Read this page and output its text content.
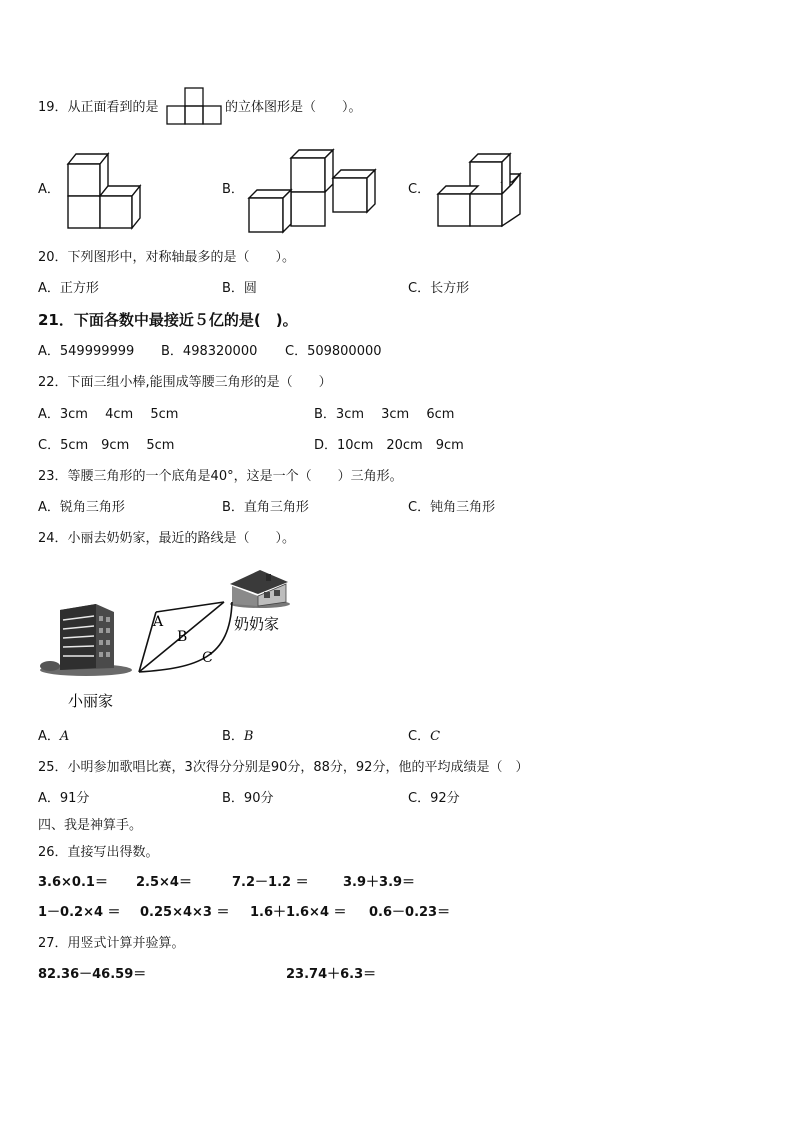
19．从正面看到的是	的立体图形是（　　）。
A．	B．	C．
20．下列图形中，对称轴最多的是（　　）。
A．正方形	B．圆	C．长方形
21．下面各数中最接近５亿的是(　)。
A．549999999 B．498320000 C．509800000
22．下面三组小棒,能围成等腰三角形的是（　　）
A．3cm　 4cm　 5cm	B．3cm　 3cm　 6cm
C．5cm　9cm　 5cm	D．10cm　20cm　9cm
23．等腰三角形的一个底角是40°，这是一个（　　）三角形。
A．锐角三角形	B．直角三角形	C．钝角三角形
24．小丽去奶奶家，最近的路线是（　　）。
A
B
C
奶奶家
小丽家
A．A	B．B	C．C
25．小明参加歌唱比赛，3次得分分别是90分，88分，92分，他的平均成绩是（　）
A．91分	B．90分	C．92分
四、我是神算手。
26．直接写出得数。
3.6×0.1＝ 2.5×4＝	7.2－1.2 ＝	3.9＋3.9＝
1－0.2×4 ＝ 0.25×4×3 ＝ 1.6＋1.6×4 ＝ 0.6－0.23＝
27．用竖式计算并验算。
82.36－46.59＝	23.74＋6.3＝
